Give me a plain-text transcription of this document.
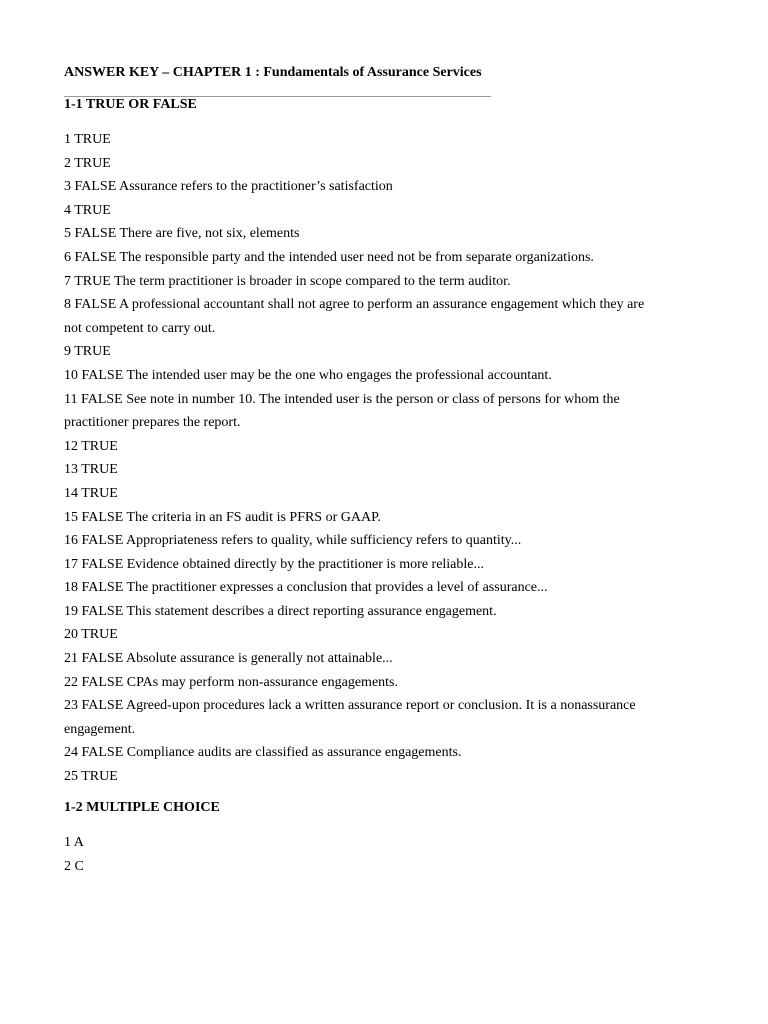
ANSWER KEY – CHAPTER 1 : Fundamentals of Assurance Services
1-1 TRUE OR FALSE
1 TRUE
2 TRUE
3 FALSE Assurance refers to the practitioner’s satisfaction
4 TRUE
5 FALSE There are five, not six, elements
6 FALSE The responsible party and the intended user need not be from separate organizations.
7 TRUE The term practitioner is broader in scope compared to the term auditor.
8 FALSE A professional accountant shall not agree to perform an assurance engagement which they are not competent to carry out.
9 TRUE
10 FALSE The intended user may be the one who engages the professional accountant.
11 FALSE See note in number 10. The intended user is the person or class of persons for whom the practitioner prepares the report.
12 TRUE
13 TRUE
14 TRUE
15 FALSE The criteria in an FS audit is PFRS or GAAP.
16 FALSE Appropriateness refers to quality, while sufficiency refers to quantity...
17 FALSE Evidence obtained directly by the practitioner is more reliable...
18 FALSE The practitioner expresses a conclusion that provides a level of assurance...
19 FALSE This statement describes a direct reporting assurance engagement.
20 TRUE
21 FALSE Absolute assurance is generally not attainable...
22 FALSE CPAs may perform non-assurance engagements.
23 FALSE Agreed-upon procedures lack a written assurance report or conclusion. It is a nonassurance engagement.
24 FALSE Compliance audits are classified as assurance engagements.
25 TRUE
1-2 MULTIPLE CHOICE
1 A
2 C
